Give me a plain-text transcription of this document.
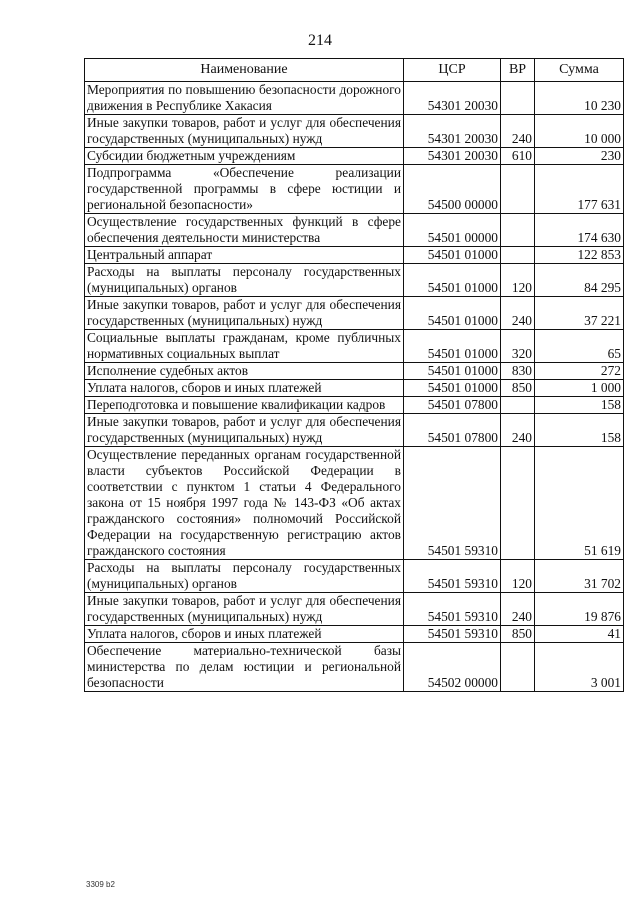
214
Наименование	ЦСР	ВР	Сумма
Мероприятия по повышению безопасности дорожного движения в Республике Хакасия	54301 20030		10 230
Иные закупки товаров, работ и услуг для обеспечения государственных (муниципальных) нужд	54301 20030	240	10 000
Субсидии бюджетным учреждениям	54301 20030	610	230
Подпрограмма «Обеспечение реализации государственной программы в сфере юстиции и региональной безопасности»	54500 00000		177 631
Осуществление государственных функций в сфере обеспечения деятельности министерства	54501 00000		174 630
Центральный аппарат	54501 01000		122 853
Расходы на выплаты персоналу государственных (муниципальных) органов	54501 01000	120	84 295
Иные закупки товаров, работ и услуг для обеспечения государственных (муниципальных) нужд	54501 01000	240	37 221
Социальные выплаты гражданам, кроме публичных нормативных социальных выплат	54501 01000	320	65
Исполнение судебных актов	54501 01000	830	272
Уплата налогов, сборов и иных платежей	54501 01000	850	1 000
Переподготовка и повышение квалификации кадров	54501 07800		158
Иные закупки товаров, работ и услуг для обеспечения государственных (муниципальных) нужд	54501 07800	240	158
Осуществление переданных органам государственной власти субъектов Российской Федерации в соответствии с пунктом 1 статьи 4 Федерального закона от 15 ноября 1997 года № 143-ФЗ «Об актах гражданского состояния» полномочий Российской Федерации на государственную регистрацию актов гражданского состояния	54501 59310		51 619
Расходы на выплаты персоналу государственных (муниципальных) органов	54501 59310	120	31 702
Иные закупки товаров, работ и услуг для обеспечения государственных (муниципальных) нужд	54501 59310	240	19 876
Уплата налогов, сборов и иных платежей	54501 59310	850	41
Обеспечение материально-технической базы министерства по делам юстиции и региональной безопасности	54502 00000		3 001
3309 b2
